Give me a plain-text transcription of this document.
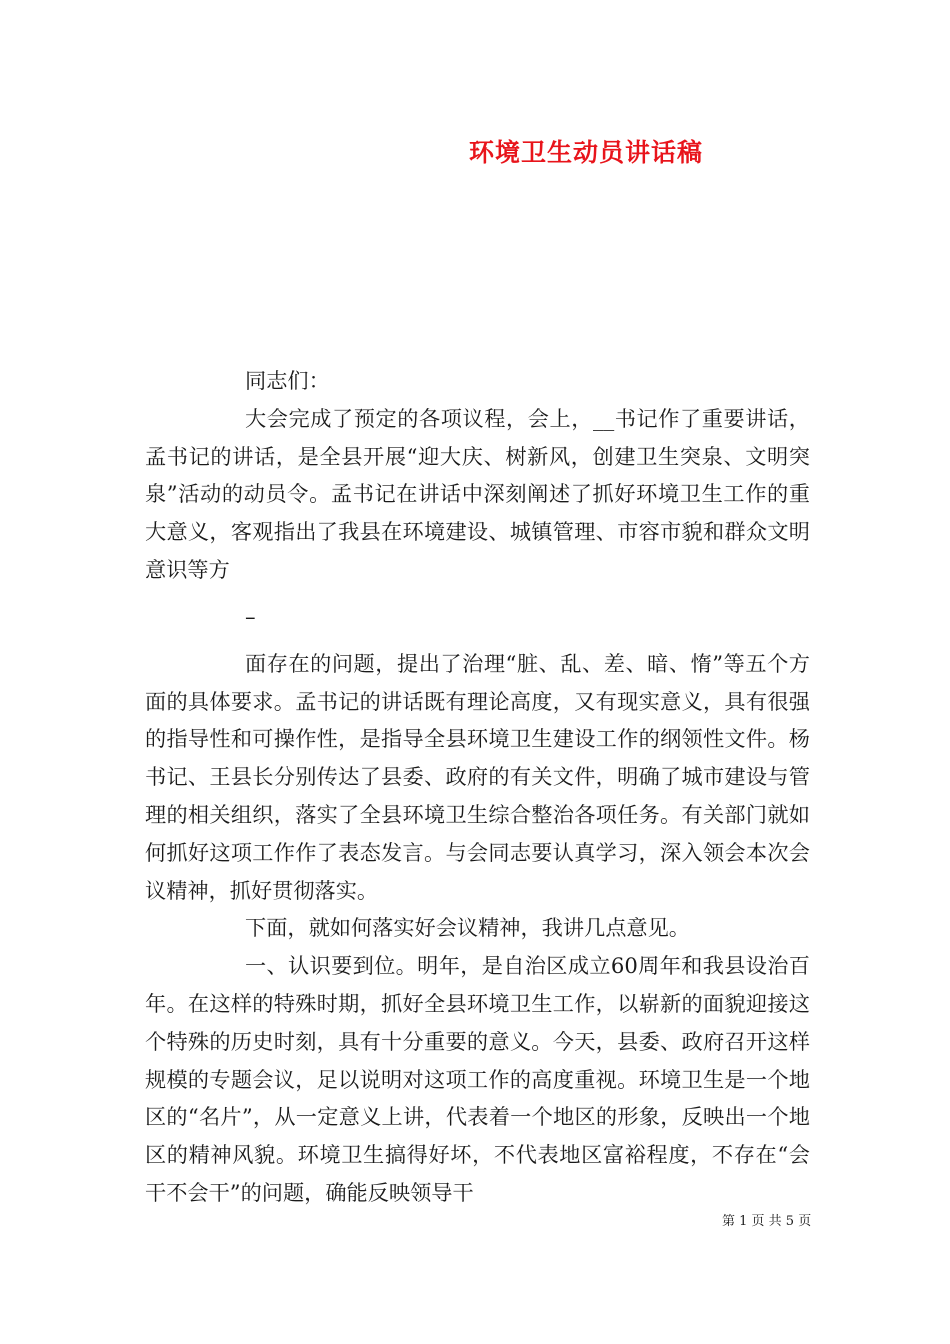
环境卫生动员讲话稿

同志们：

大会完成了预定的各项议程，会上，__书记作了重要讲话，孟书记的讲话，是全县开展“迎大庆、树新风，创建卫生突泉、文明突泉”活动的动员令。孟书记在讲话中深刻阐述了抓好环境卫生工作的重大意义，客观指出了我县在环境建设、城镇管理、市容市貌和群众文明意识等方

–

面存在的问题，提出了治理“脏、乱、差、暗、惰”等五个方面的具体要求。孟书记的讲话既有理论高度，又有现实意义，具有很强的指导性和可操作性，是指导全县环境卫生建设工作的纲领性文件。杨书记、王县长分别传达了县委、政府的有关文件，明确了城市建设与管理的相关组织，落实了全县环境卫生综合整治各项任务。有关部门就如何抓好这项工作作了表态发言。与会同志要认真学习，深入领会本次会议精神，抓好贯彻落实。

下面，就如何落实好会议精神，我讲几点意见。

一、认识要到位。明年，是自治区成立60周年和我县设治百年。在这样的特殊时期，抓好全县环境卫生工作，以崭新的面貌迎接这个特殊的历史时刻，具有十分重要的意义。今天，县委、政府召开这样规模的专题会议，足以说明对这项工作的高度重视。环境卫生是一个地区的“名片”，从一定意义上讲，代表着一个地区的形象，反映出一个地区的精神风貌。环境卫生搞得好坏，不代表地区富裕程度，不存在“会干不会干”的问题，确能反映领导干

第 1 页 共 5 页
